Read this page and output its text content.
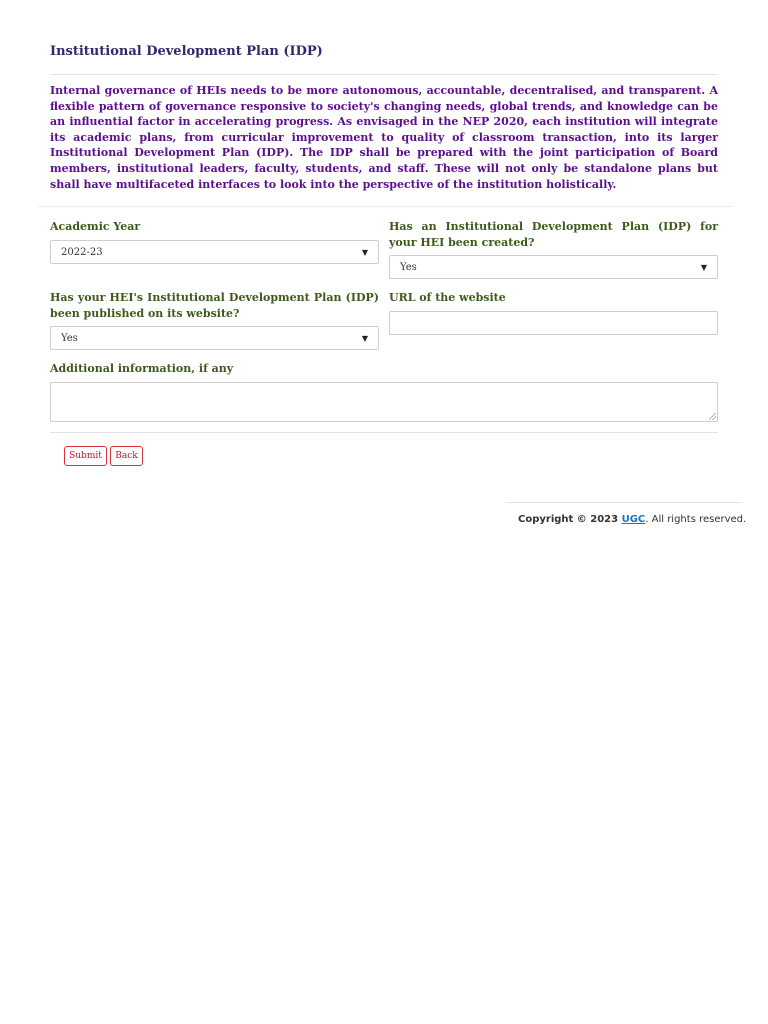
Institutional Development Plan (IDP)

Internal governance of HEIs needs to be more autonomous, accountable, decentralised, and transparent. A flexible pattern of governance responsive to society's changing needs, global trends, and knowledge can be an influential factor in accelerating progress. As envisaged in the NEP 2020, each institution will integrate its academic plans, from curricular improvement to quality of classroom transaction, into its larger Institutional Development Plan (IDP). The IDP shall be prepared with the joint participation of Board members, institutional leaders, faculty, students, and staff. These will not only be standalone plans but shall have multifaceted interfaces to look into the perspective of the institution holistically.

Academic Year

2022-23	▼

Has an Institutional Development Plan (IDP) for your HEI been created?

Yes	▼

Has your HEI's Institutional Development Plan (IDP) been published on its website?

Yes	▼

URL of the website

Additional information, if any

Submit	Back
Copyright © 2023 UGC. All rights reserved.
